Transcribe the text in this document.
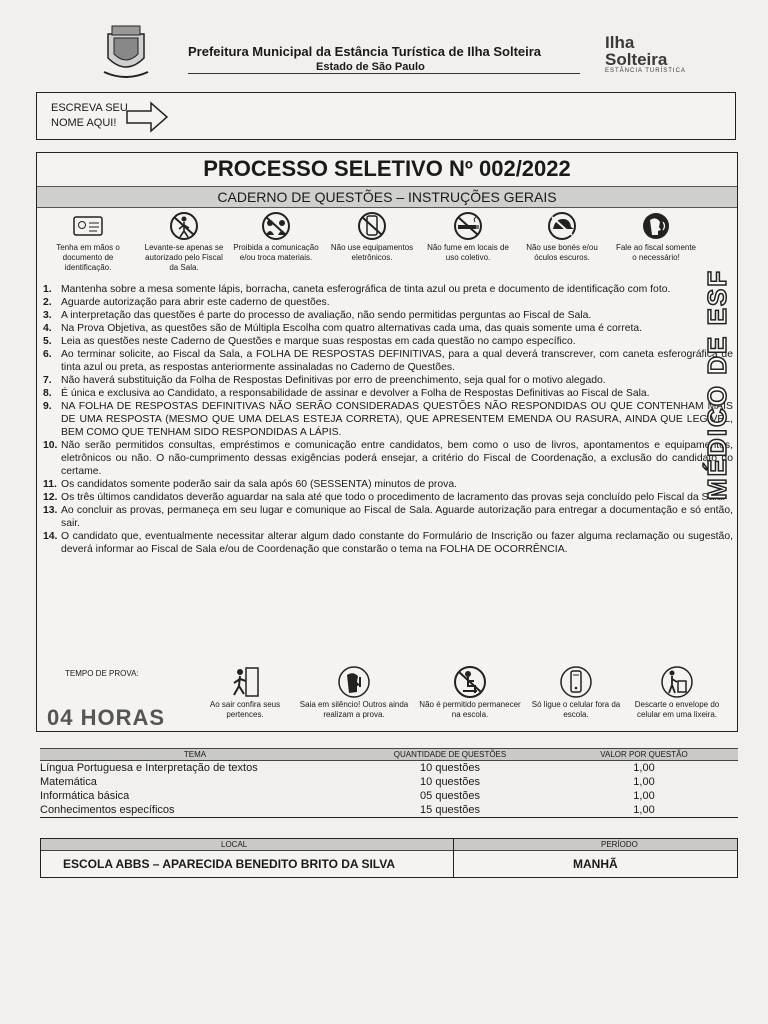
Prefeitura Municipal da Estância Turística de Ilha Solteira
Estado de São Paulo
Ilha
Solteira
ESTÂNCIA TURÍSTICA
ESCREVA SEU
NOME AQUI!
PROCESSO SELETIVO Nº 002/2022
CADERNO DE QUESTÕES – INSTRUÇÕES GERAIS
Tenha em mãos o documento de identificação.
Levante-se apenas se autorizado pelo Fiscal da Sala.
Proibida a comunicação e/ou troca materiais.
Não use equipamentos eletrônicos.
Não fume em locais de uso coletivo.
Não use bonés e/ou óculos escuros.
Fale ao fiscal somente o necessário!
1. Mantenha sobre a mesa somente lápis, borracha, caneta esferográfica de tinta azul ou preta e documento de identificação com foto.
2. Aguarde autorização para abrir este caderno de questões.
3. A interpretação das questões é parte do processo de avaliação, não sendo permitidas perguntas ao Fiscal de Sala.
4. Na Prova Objetiva, as questões são de Múltipla Escolha com quatro alternativas cada uma, das quais somente uma é correta.
5. Leia as questões neste Caderno de Questões e marque suas respostas em cada questão no campo específico.
6. Ao terminar solicite, ao Fiscal da Sala, a FOLHA DE RESPOSTAS DEFINITIVAS, para a qual deverá transcrever, com caneta esferográfica de tinta azul ou preta, as respostas anteriormente assinaladas no Caderno de Questões.
7. Não haverá substituição da Folha de Respostas Definitivas por erro de preenchimento, seja qual for o motivo alegado.
8. É única e exclusiva ao Candidato, a responsabilidade de assinar e devolver a Folha de Respostas Definitivas ao Fiscal de Sala.
9. NA FOLHA DE RESPOSTAS DEFINITIVAS NÃO SERÃO CONSIDERADAS QUESTÕES NÃO RESPONDIDAS OU QUE CONTENHAM MAIS DE UMA RESPOSTA (MESMO QUE UMA DELAS ESTEJA CORRETA), QUE APRESENTEM EMENDA OU RASURA, AINDA QUE LEGÍVEL, BEM COMO QUE TENHAM SIDO RESPONDIDAS A LÁPIS.
10. Não serão permitidos consultas, empréstimos e comunicação entre candidatos, bem como o uso de livros, apontamentos e equipamentos, eletrônicos ou não. O não-cumprimento dessas exigências poderá ensejar, a critério do Fiscal de Coordenação, a exclusão do candidato do certame.
11. Os candidatos somente poderão sair da sala após 60 (SESSENTA) minutos de prova.
12. Os três últimos candidatos deverão aguardar na sala até que todo o procedimento de lacramento das provas seja concluído pelo Fiscal da Sala.
13. Ao concluir as provas, permaneça em seu lugar e comunique ao Fiscal de Sala. Aguarde autorização para entregar a documentação e só então, sair.
14. O candidato que, eventualmente necessitar alterar algum dado constante do Formulário de Inscrição ou fazer alguma reclamação ou sugestão, deverá informar ao Fiscal de Sala e/ou de Coordenação que constarão o tema na FOLHA DE OCORRÊNCIA.
TEMPO DE PROVA:
04 HORAS
Ao sair confira seus pertences.
Saia em silêncio! Outros ainda realizam a prova.
Não é permitido permanecer na escola.
Só ligue o celular fora da escola.
Descarte o envelope do celular em uma lixeira.
MÉDICO DE ESF
TEMA	QUANTIDADE DE QUESTÕES	VALOR POR QUESTÃO
Língua Portuguesa e Interpretação de textos	10 questões	1,00
Matemática	10 questões	1,00
Informática básica	05 questões	1,00
Conhecimentos específicos	15 questões	1,00
LOCAL	PERÍODO
ESCOLA ABBS – APARECIDA BENEDITO BRITO DA SILVA	MANHÃ
